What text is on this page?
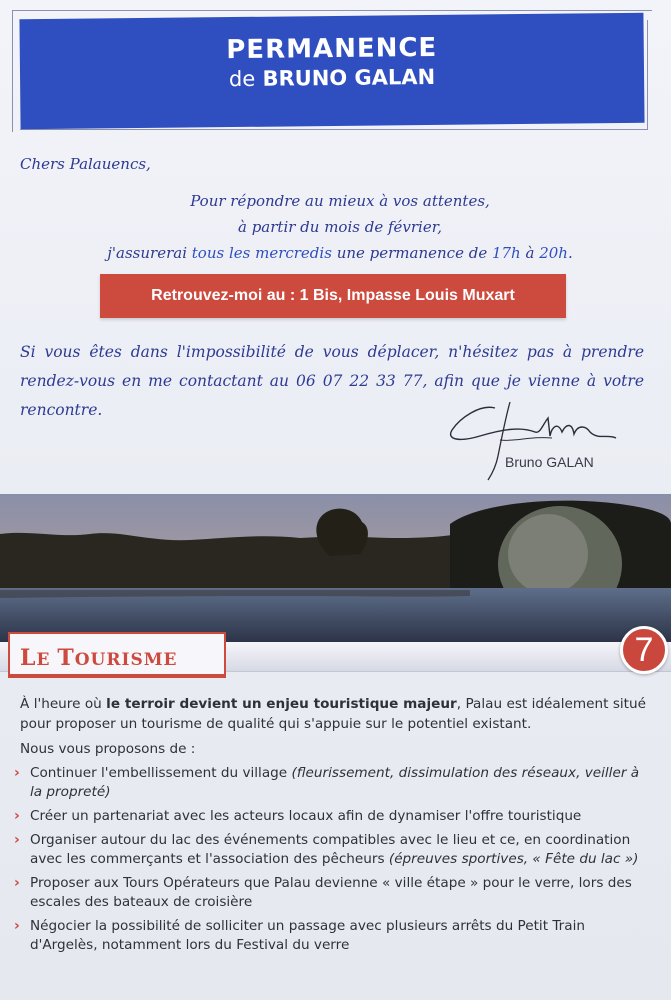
PERMANENCE
de BRUNO GALAN
Chers Palauencs,
Pour répondre au mieux à vos attentes,
à partir du mois de février,
j'assurerai tous les mercredis une permanence de 17h à 20h.
Retrouvez-moi au : 1 Bis, Impasse Louis Muxart
Si vous êtes dans l'impossibilité de vous déplacer, n'hésitez pas à prendre rendez-vous en me contactant au 06 07 22 33 77, afin que je vienne à votre rencontre.
Bruno GALAN
LE TOURISME	7
À l'heure où le terroir devient un enjeu touristique majeur, Palau est idéalement situé pour proposer un tourisme de qualité qui s'appuie sur le potentiel existant.
Nous vous proposons de :
› Continuer l'embellissement du village (fleurissement, dissimulation des réseaux, veiller à la propreté)
› Créer un partenariat avec les acteurs locaux afin de dynamiser l'offre touristique
› Organiser autour du lac des événements compatibles avec le lieu et ce, en coordination avec les commerçants et l'association des pêcheurs (épreuves sportives, « Fête du lac »)
› Proposer aux Tours Opérateurs que Palau devienne « ville étape » pour le verre, lors des escales des bateaux de croisière
› Négocier la possibilité de solliciter un passage avec plusieurs arrêts du Petit Train d'Argelès, notamment lors du Festival du verre
